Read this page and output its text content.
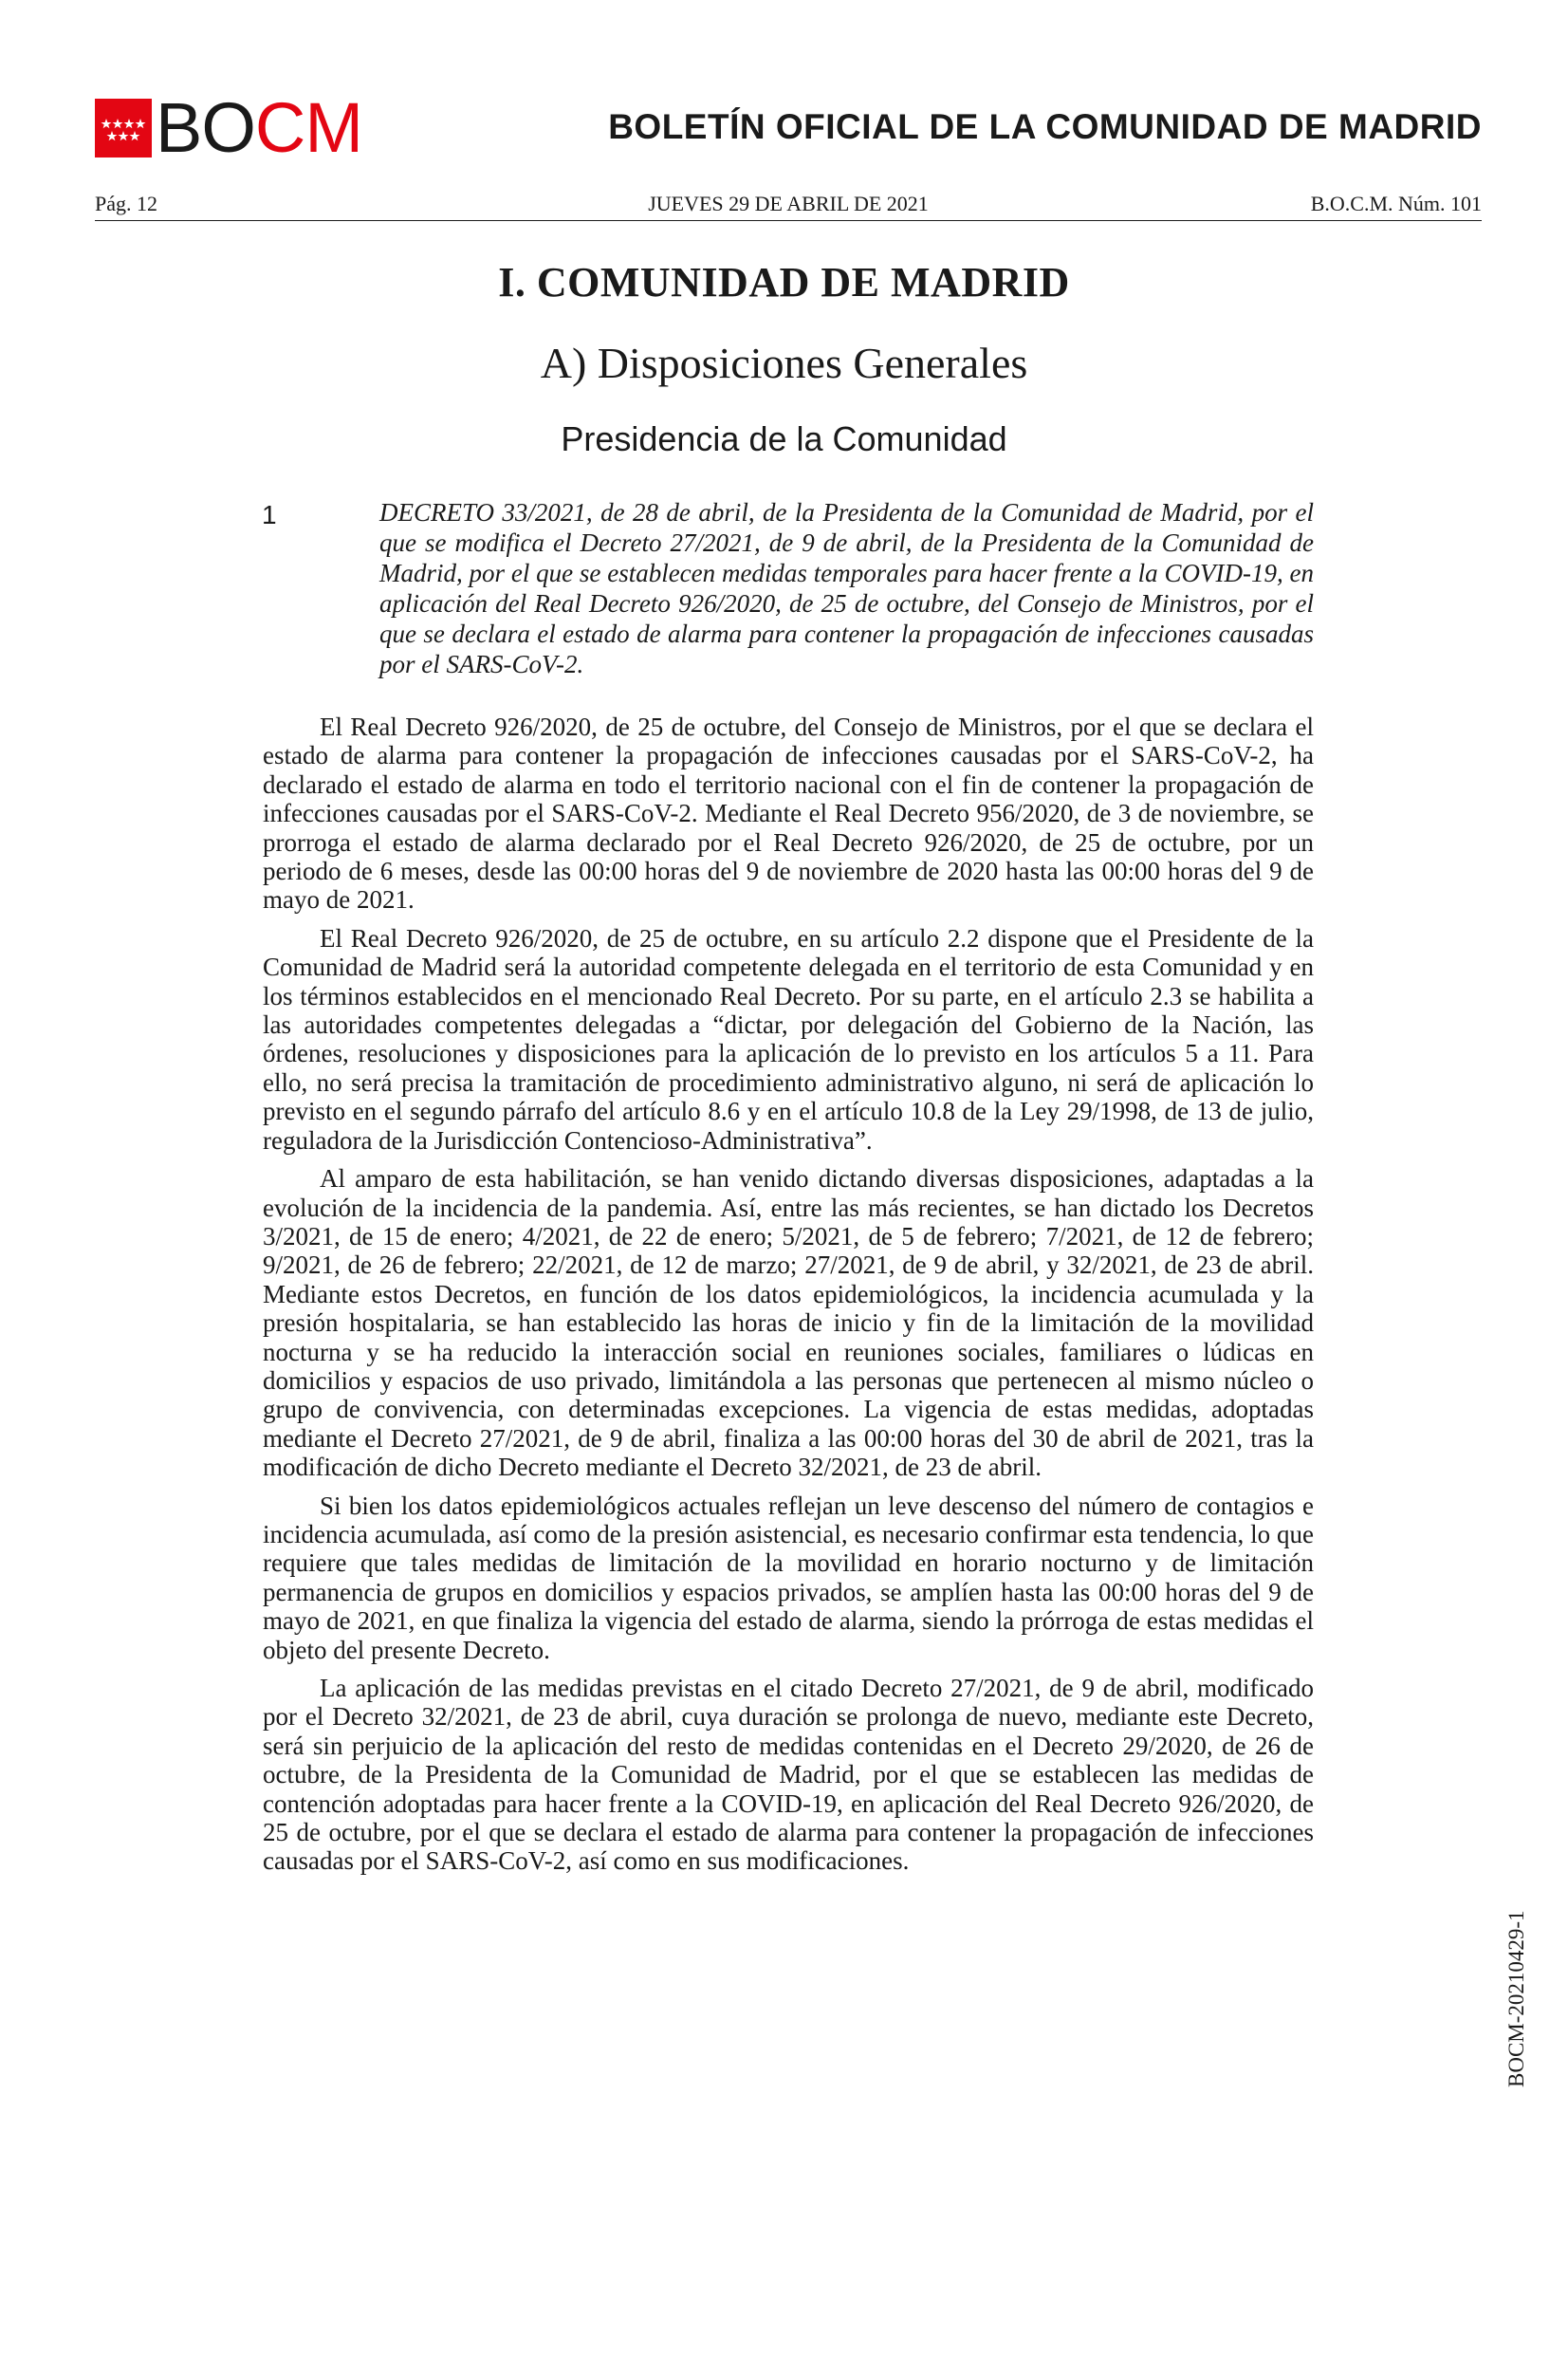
BOCM	BOLETÍN OFICIAL DE LA COMUNIDAD DE MADRID
Pág. 12	JUEVES 29 DE ABRIL DE 2021	B.O.C.M. Núm. 101
I. COMUNIDAD DE MADRID
A) Disposiciones Generales
Presidencia de la Comunidad
1	DECRETO 33/2021, de 28 de abril, de la Presidenta de la Comunidad de Madrid, por el que se modifica el Decreto 27/2021, de 9 de abril, de la Presidenta de la Comunidad de Madrid, por el que se establecen medidas temporales para hacer frente a la COVID-19, en aplicación del Real Decreto 926/2020, de 25 de octubre, del Consejo de Ministros, por el que se declara el estado de alarma para contener la propagación de infecciones causadas por el SARS-CoV-2.

El Real Decreto 926/2020, de 25 de octubre, del Consejo de Ministros, por el que se declara el estado de alarma para contener la propagación de infecciones causadas por el SARS-CoV-2, ha declarado el estado de alarma en todo el territorio nacional con el fin de contener la propagación de infecciones causadas por el SARS-CoV-2. Mediante el Real Decreto 956/2020, de 3 de noviembre, se prorroga el estado de alarma declarado por el Real Decreto 926/2020, de 25 de octubre, por un periodo de 6 meses, desde las 00:00 horas del 9 de noviembre de 2020 hasta las 00:00 horas del 9 de mayo de 2021.

El Real Decreto 926/2020, de 25 de octubre, en su artículo 2.2 dispone que el Presidente de la Comunidad de Madrid será la autoridad competente delegada en el territorio de esta Comunidad y en los términos establecidos en el mencionado Real Decreto. Por su parte, en el artículo 2.3 se habilita a las autoridades competentes delegadas a “dictar, por delegación del Gobierno de la Nación, las órdenes, resoluciones y disposiciones para la aplicación de lo previsto en los artículos 5 a 11. Para ello, no será precisa la tramitación de procedimiento administrativo alguno, ni será de aplicación lo previsto en el segundo párrafo del artículo 8.6 y en el artículo 10.8 de la Ley 29/1998, de 13 de julio, reguladora de la Jurisdicción Contencioso-Administrativa”.

Al amparo de esta habilitación, se han venido dictando diversas disposiciones, adaptadas a la evolución de la incidencia de la pandemia. Así, entre las más recientes, se han dictado los Decretos 3/2021, de 15 de enero; 4/2021, de 22 de enero; 5/2021, de 5 de febrero; 7/2021, de 12 de febrero; 9/2021, de 26 de febrero; 22/2021, de 12 de marzo; 27/2021, de 9 de abril, y 32/2021, de 23 de abril. Mediante estos Decretos, en función de los datos epidemiológicos, la incidencia acumulada y la presión hospitalaria, se han establecido las horas de inicio y fin de la limitación de la movilidad nocturna y se ha reducido la interacción social en reuniones sociales, familiares o lúdicas en domicilios y espacios de uso privado, limitándola a las personas que pertenecen al mismo núcleo o grupo de convivencia, con determinadas excepciones. La vigencia de estas medidas, adoptadas mediante el Decreto 27/2021, de 9 de abril, finaliza a las 00:00 horas del 30 de abril de 2021, tras la modificación de dicho Decreto mediante el Decreto 32/2021, de 23 de abril.

Si bien los datos epidemiológicos actuales reflejan un leve descenso del número de contagios e incidencia acumulada, así como de la presión asistencial, es necesario confirmar esta tendencia, lo que requiere que tales medidas de limitación de la movilidad en horario nocturno y de limitación permanencia de grupos en domicilios y espacios privados, se amplíen hasta las 00:00 horas del 9 de mayo de 2021, en que finaliza la vigencia del estado de alarma, siendo la prórroga de estas medidas el objeto del presente Decreto.

La aplicación de las medidas previstas en el citado Decreto 27/2021, de 9 de abril, modificado por el Decreto 32/2021, de 23 de abril, cuya duración se prolonga de nuevo, mediante este Decreto, será sin perjuicio de la aplicación del resto de medidas contenidas en el Decreto 29/2020, de 26 de octubre, de la Presidenta de la Comunidad de Madrid, por el que se establecen las medidas de contención adoptadas para hacer frente a la COVID-19, en aplicación del Real Decreto 926/2020, de 25 de octubre, por el que se declara el estado de alarma para contener la propagación de infecciones causadas por el SARS-CoV-2, así como en sus modificaciones.

BOCM-20210429-1
